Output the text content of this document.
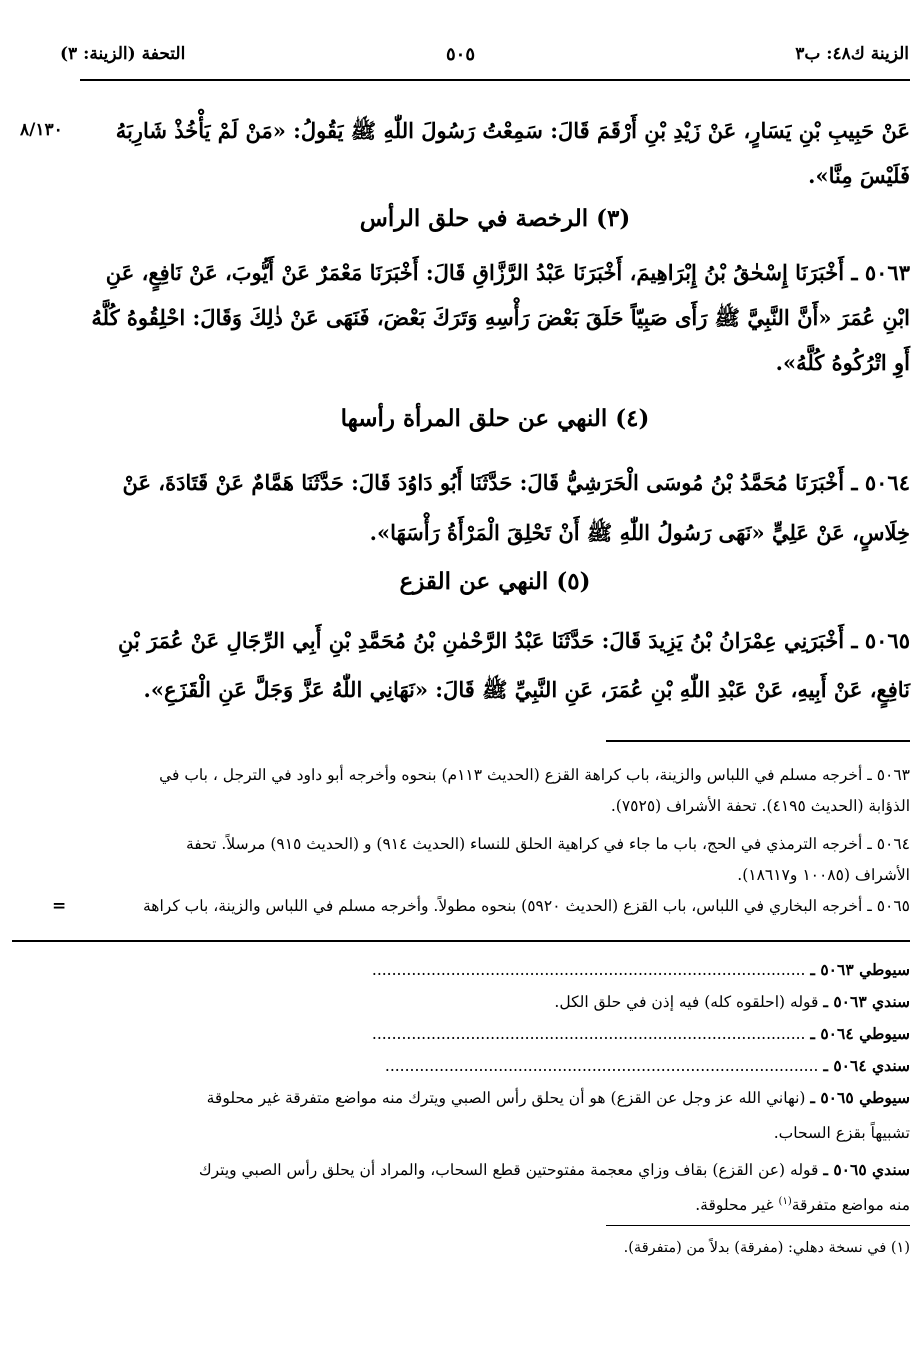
الزينة ك٤٨: ب٣
٥٠٥
التحفة (الزينة: ٣)
٨/١٣٠	عَنْ حَبِيبِ بْنِ يَسَارٍ، عَنْ زَيْدِ بْنِ أَرْقَمَ قَالَ: سَمِعْتُ رَسُولَ اللّٰهِ ﷺ يَقُولُ: «مَنْ لَمْ يَأْخُذْ شَارِبَهُ
فَلَيْسَ مِنَّا».
(٣) الرخصة في حلق الرأس
٥٠٦٣ ـ أَخْبَرَنَا إِسْحٰقُ بْنُ إِبْرَاهِيمَ، أَخْبَرَنَا عَبْدُ الرَّزَّاقِ قَالَ: أَخْبَرَنَا مَعْمَرٌ عَنْ أَيُّوبَ، عَنْ نَافِعٍ، عَنِ
ابْنِ عُمَرَ «أَنَّ النَّبِيَّ ﷺ رَأَى صَبِيّاً حَلَقَ بَعْضَ رَأْسِهِ وَتَرَكَ بَعْضَ، فَنَهَى عَنْ ذٰلِكَ وَقَالَ: احْلِقُوهُ كُلَّهُ
أَوِ اتْرُكُوهُ كُلَّهُ».
(٤) النهي عن حلق المرأة رأسها
٥٠٦٤ ـ أَخْبَرَنَا مُحَمَّدُ بْنُ مُوسَى الْحَرَشِيُّ قَالَ: حَدَّثَنَا أَبُو دَاوُدَ قَالَ: حَدَّثَنَا هَمَّامٌ عَنْ قَتَادَةَ، عَنْ
خِلَاسٍ، عَنْ عَلِيٍّ «نَهَى رَسُولُ اللّٰهِ ﷺ أَنْ تَحْلِقَ الْمَرْأَةُ رَأْسَهَا».
(٥) النهي عن القزع
٥٠٦٥ ـ أَخْبَرَنِي عِمْرَانُ بْنُ يَزِيدَ قَالَ: حَدَّثَنَا عَبْدُ الرَّحْمٰنِ بْنُ مُحَمَّدِ بْنِ أَبِي الرِّجَالِ عَنْ عُمَرَ بْنِ
نَافِعٍ، عَنْ أَبِيهِ، عَنْ عَبْدِ اللّٰهِ بْنِ عُمَرَ، عَنِ النَّبِيِّ ﷺ قَالَ: «نَهَانِي اللّٰهُ عَزَّ وَجَلَّ عَنِ الْقَزَعِ».
٥٠٦٣ ـ أخرجه مسلم في اللباس والزينة، باب كراهة القزع (الحديث ١١٣م) بنحوه وأخرجه أبو داود في الترجل ، باب في
الذؤابة (الحديث ٤١٩٥). تحفة الأشراف (٧٥٢٥).
٥٠٦٤ ـ أخرجه الترمذي في الحج، باب ما جاء في كراهية الحلق للنساء (الحديث ٩١٤) و (الحديث ٩١٥) مرسلاً. تحفة
الأشراف (١٠٠٨٥ و١٨٦١٧).
٥٠٦٥ ـ أخرجه البخاري في اللباس، باب القزع (الحديث ٥٩٢٠) بنحوه مطولاً. وأخرجه مسلم في اللباس والزينة، باب كراهة
=
سيوطي ٥٠٦٣ ـ ........................................................................................
سندي ٥٠٦٣ ـ قوله (احلقوه كله) فيه إذن في حلق الكل.
سيوطي ٥٠٦٤ ـ ........................................................................................
سندي ٥٠٦٤ ـ ........................................................................................
سيوطي ٥٠٦٥ ـ (نهاني الله عز وجل عن القزع) هو أن يحلق رأس الصبي ويترك منه مواضع متفرقة غير محلوقة
تشبيهاً بقزع السحاب.
سندي ٥٠٦٥ ـ قوله (عن القزع) بقاف وزاي معجمة مفتوحتين قطع السحاب، والمراد أن يحلق رأس الصبي ويترك
منه مواضع متفرقة$^{(١)}$ غير محلوقة.
(١) في نسخة دهلي: (مفرقة) بدلاً من (متفرقة).
